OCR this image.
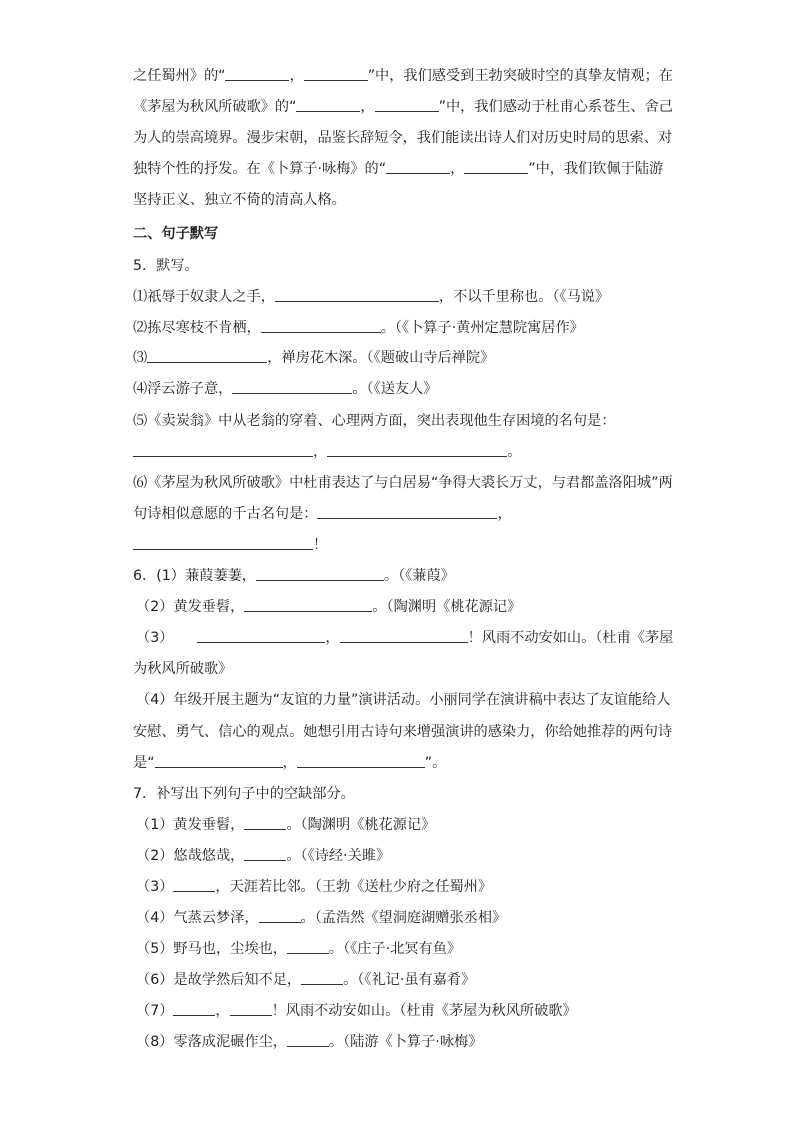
之任蜀州》的“	，	”中，我们感受到王勃突破时空的真挚友情观；在
《茅屋为秋风所破歌》的“	，	”中，我们感动于杜甫心系苍生、舍己
为人的崇高境界。漫步宋朝，品鉴长辞短令，我们能读出诗人们对历史时局的思索、对
独特个性的抒发。在《卜算子·咏梅》的“	，	”中，我们钦佩于陆游
坚持正义、独立不倚的清高人格。
二、句子默写
5．默写。
⑴祇辱于奴隶人之手，	，不以千里称也。（《马说》
⑵拣尽寒枝不肯栖，	。（《卜算子·黄州定慧院寓居作》
⑶	，禅房花木深。（《题破山寺后禅院》
⑷浮云游子意，	。（《送友人》
⑸《卖炭翁》中从老翁的穿着、心理两方面，突出表现他生存困境的名句是：
，	。
⑹《茅屋为秋风所破歌》中杜甫表达了与白居易“争得大裘长万丈，与君都盖洛阳城”两
句诗相似意愿的千古名句是：	，
！
6．(1）蒹葭萋萋，	。（《蒹葭》
（2）黄发垂髫，	。（陶渊明《桃花源记》
（3）	，	！风雨不动安如山。（杜甫《茅屋
为秋风所破歌》
（4）年级开展主题为“友谊的力量”演讲活动。小丽同学在演讲稿中表达了友谊能给人
安慰、勇气、信心的观点。她想引用古诗句来增强演讲的感染力，你给她推荐的两句诗
是“	，	”。
7．补写出下列句子中的空缺部分。
（1）黄发垂髫，	。（陶渊明《桃花源记》
（2）悠哉悠哉，	。（《诗经·关雎》
（3）	，天涯若比邻。（王勃《送杜少府之任蜀州》
（4）气蒸云梦泽，	。（孟浩然《望洞庭湖赠张丞相》
（5）野马也，尘埃也，	。（《庄子·北冥有鱼》
（6）是故学然后知不足，	。（《礼记·虽有嘉肴》
（7）	，	！风雨不动安如山。（杜甫《茅屋为秋风所破歌》
（8）零落成泥碾作尘，	。（陆游《卜算子·咏梅》
